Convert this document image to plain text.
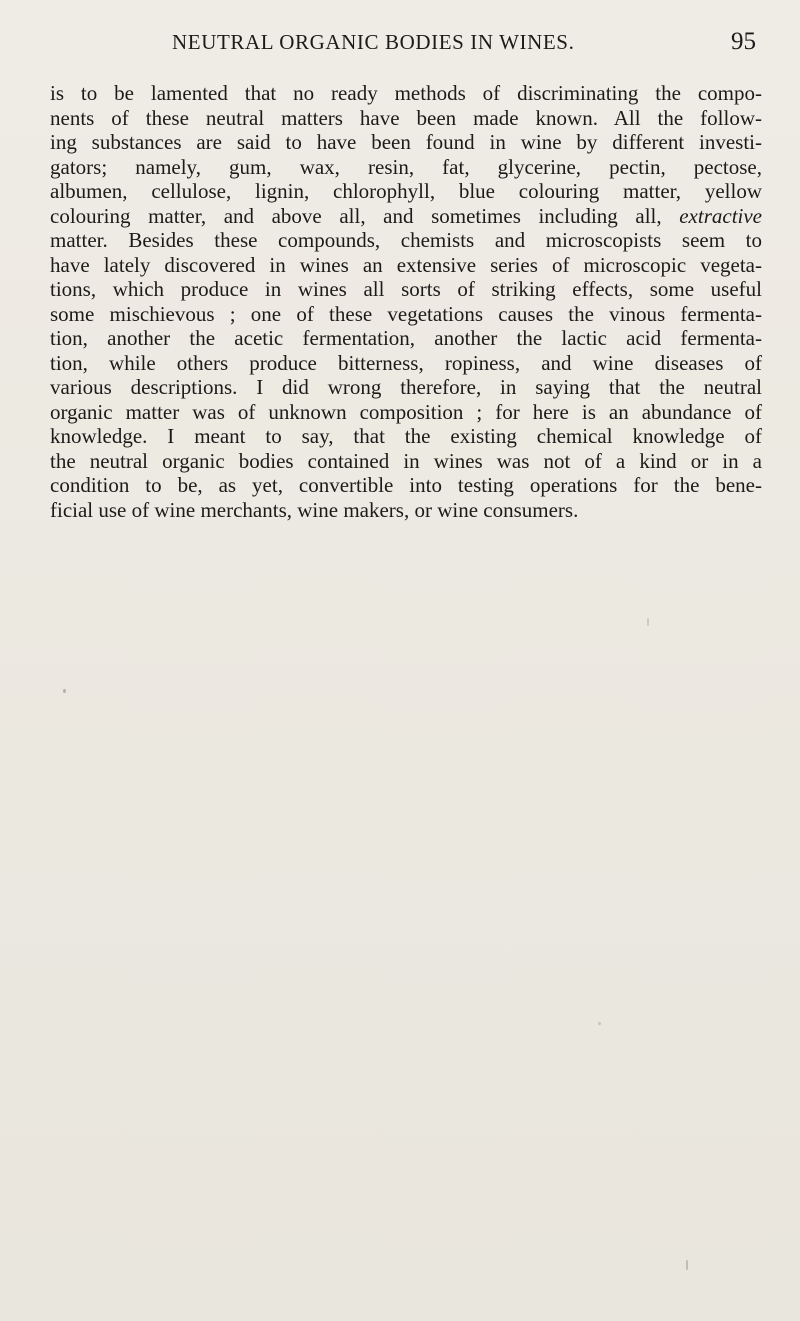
NEUTRAL ORGANIC BODIES IN WINES.	95
is to be lamented that no ready methods of discriminating the compo-
nents of these neutral matters have been made known. All the follow-
ing substances are said to have been found in wine by different investi-
gators; namely, gum, wax, resin, fat, glycerine, pectin, pectose,
albumen, cellulose, lignin, chlorophyll, blue colouring matter, yellow
colouring matter, and above all, and sometimes including all, extractive
matter. Besides these compounds, chemists and microscopists seem to
have lately discovered in wines an extensive series of microscopic vegeta-
tions, which produce in wines all sorts of striking effects, some useful
some mischievous ; one of these vegetations causes the vinous fermenta-
tion, another the acetic fermentation, another the lactic acid fermenta-
tion, while others produce bitterness, ropiness, and wine diseases of
various descriptions. I did wrong therefore, in saying that the neutral
organic matter was of unknown composition ; for here is an abundance of
knowledge. I meant to say, that the existing chemical knowledge of
the neutral organic bodies contained in wines was not of a kind or in a
condition to be, as yet, convertible into testing operations for the bene-
ficial use of wine merchants, wine makers, or wine consumers.
